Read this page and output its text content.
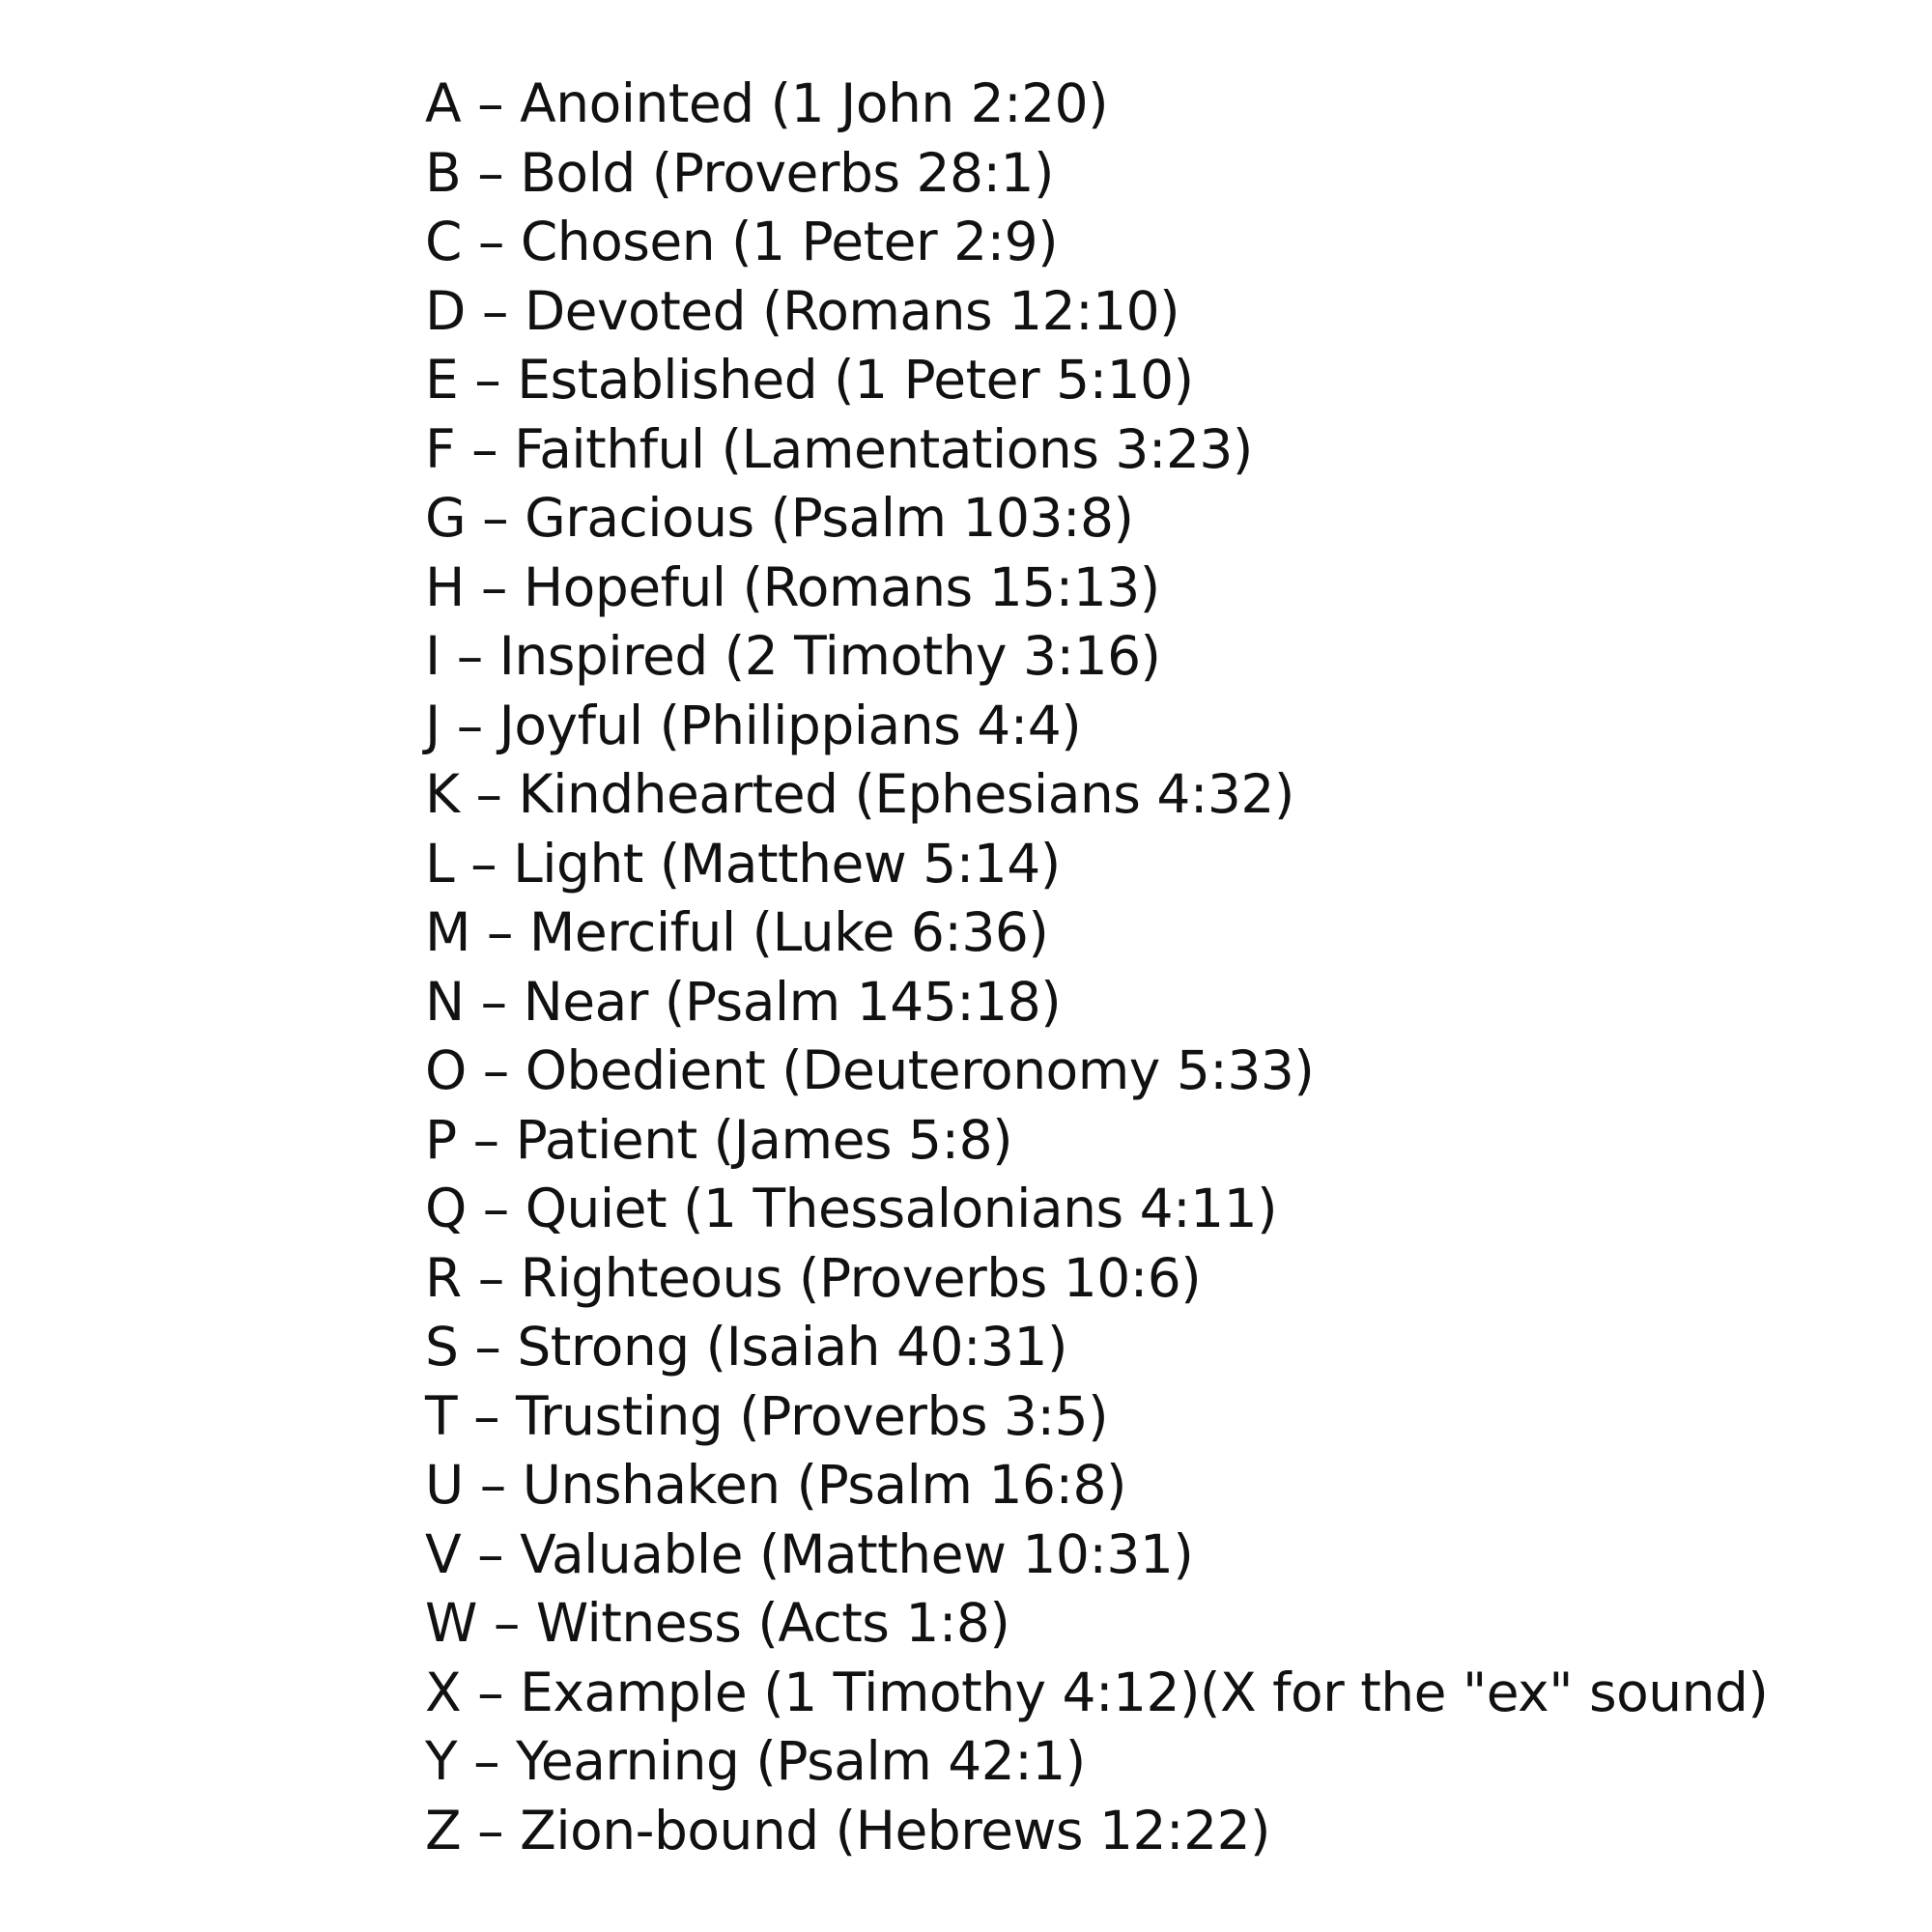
A – Anointed (1 John 2:20)
B – Bold (Proverbs 28:1)
C – Chosen (1 Peter 2:9)
D – Devoted (Romans 12:10)
E – Established (1 Peter 5:10)
F – Faithful (Lamentations 3:23)
G – Gracious (Psalm 103:8)
H – Hopeful (Romans 15:13)
I – Inspired (2 Timothy 3:16)
J – Joyful (Philippians 4:4)
K – Kindhearted (Ephesians 4:32)
L – Light (Matthew 5:14)
M – Merciful (Luke 6:36)
N – Near (Psalm 145:18)
O – Obedient (Deuteronomy 5:33)
P – Patient (James 5:8)
Q – Quiet (1 Thessalonians 4:11)
R – Righteous (Proverbs 10:6)
S – Strong (Isaiah 40:31)
T – Trusting (Proverbs 3:5)
U – Unshaken (Psalm 16:8)
V – Valuable (Matthew 10:31)
W – Witness (Acts 1:8)
X – Example (1 Timothy 4:12)(X for the "ex" sound)
Y – Yearning (Psalm 42:1)
Z – Zion-bound (Hebrews 12:22)
